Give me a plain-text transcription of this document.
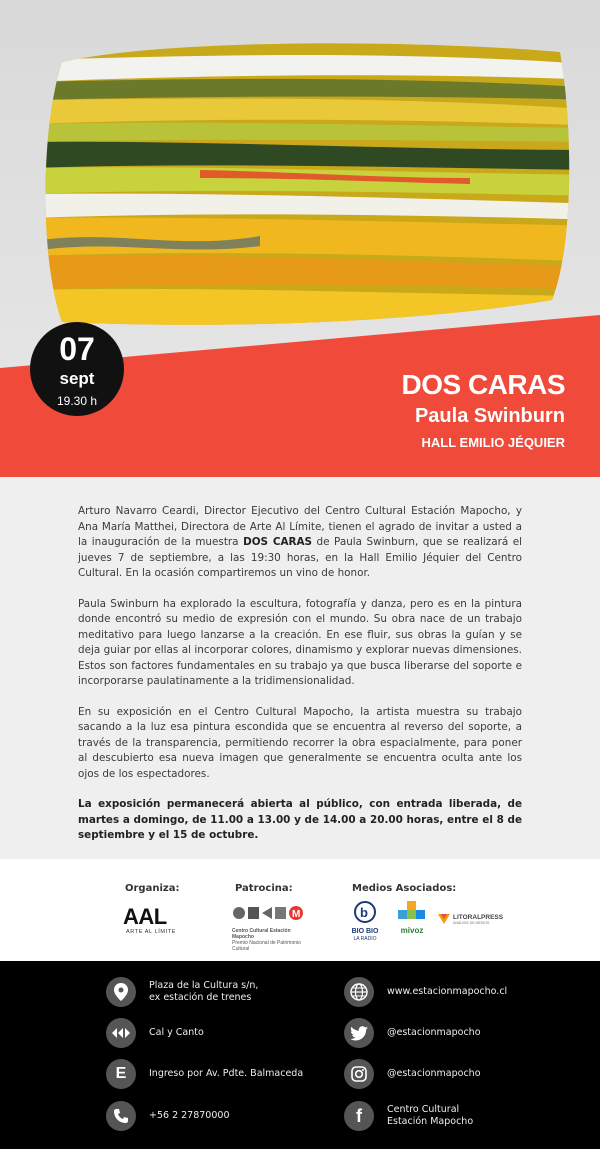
07
sept
19.30 h
DOS CARAS
Paula Swinburn
HALL EMILIO JÉQUIER

Arturo Navarro Ceardi, Director Ejecutivo del Centro Cultural Estación Mapocho, y Ana María Matthei, Directora de Arte Al Límite, tienen el agrado de invitar a usted a la inauguración de la muestra DOS CARAS de Paula Swinburn, que se realizará el jueves 7 de septiembre, a las 19:30 horas, en la Hall Emilio Jéquier del Centro Cultural. En la ocasión compartiremos un vino de honor.

Paula Swinburn ha explorado la escultura, fotografía y danza, pero es en la pintura donde encontró su medio de expresión con el mundo. Su obra nace de un trabajo meditativo para luego lanzarse a la creación. En ese fluir, sus obras la guían y se deja guiar por ellas al incorporar colores, dinamismo y explorar nuevas dimensiones. Estos son factores fundamentales en su trabajo ya que busca liberarse del soporte e incorporarse paulatinamente a la tridimensionalidad.

En su exposición en el Centro Cultural Mapocho, la artista muestra su trabajo sacando a la luz esa pintura escondida que se encuentra al reverso del soporte, a través de la transparencia, permitiendo recorrer la obra espacialmente, para poner al descubierto esa nueva imagen que generalmente se encuentra oculta ante los ojos de los espectadores.

La exposición permanecerá abierta al público, con entrada liberada, de martes a domingo, de 11.00 a 13.00 y de 14.00 a 20.00 horas, entre el 8 de septiembre y el 15 de octubre.

Organiza:	Patrocina:	Medios Asociados:
AAL
ARTE AL LÍMITE
M
Centro Cultural Estación Mapocho
Premio Nacional de Patrimonio Cultural
b
BIO BIO
LA RADIO
mivoz
LITORALPRESS
ANÁLISIS DE MEDIOS
Plaza de la Cultura s/n,
ex estación de trenes
Cal y Canto
E Ingreso por Av. Pdte. Balmaceda
+56 2 27870000
www.estacionmapocho.cl
@estacionmapocho
@estacionmapocho
f	Centro Cultural
Estación Mapocho
